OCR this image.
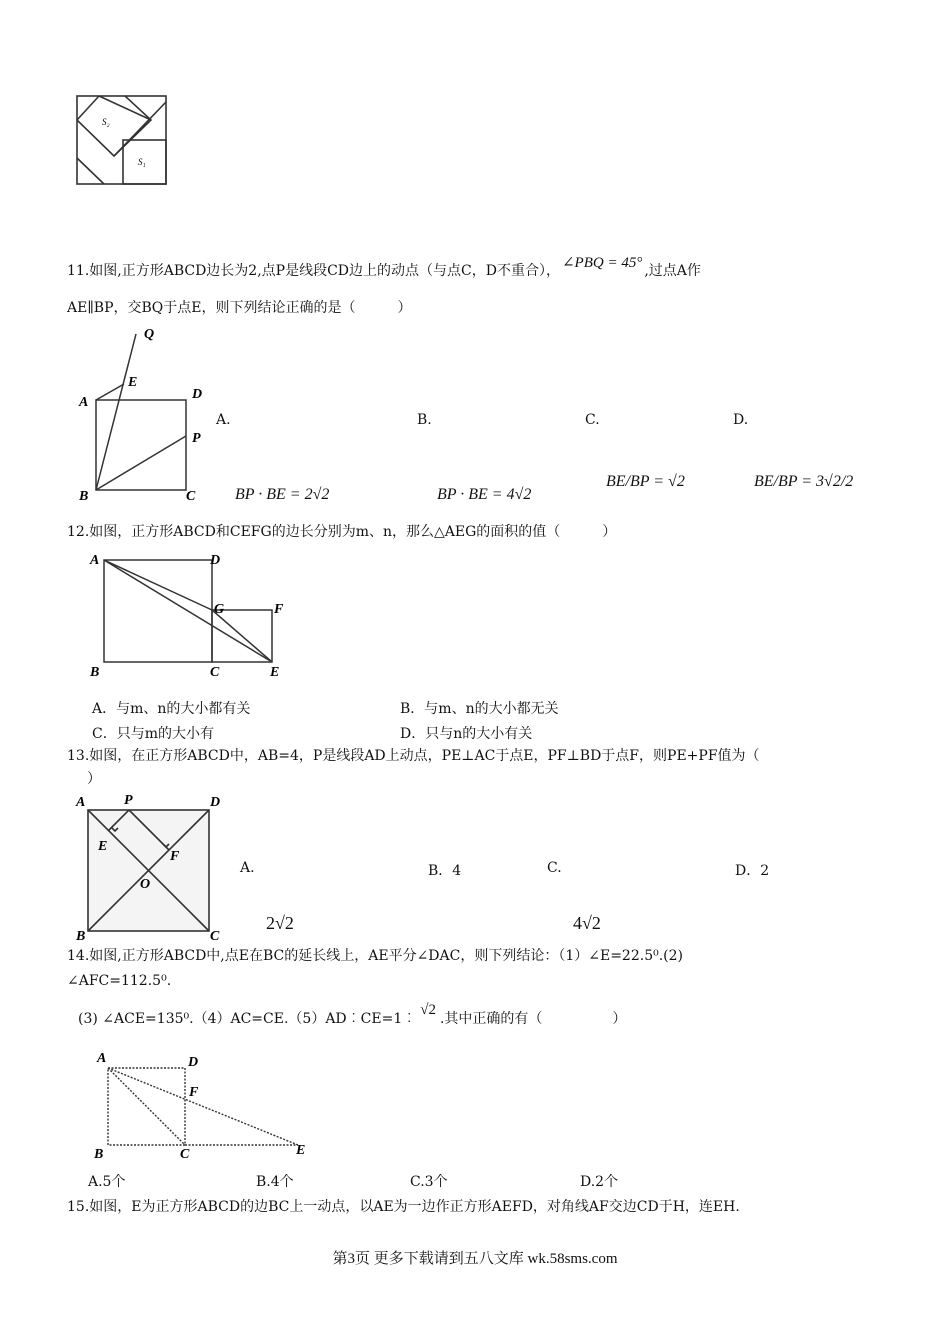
S₂
S₁
11.如图,正方形ABCD边长为2,点P是线段CD边上的动点（与点C，D不重合）， ∠PBQ = 45° ,过点A作
AE∥BP，交BQ于点E，则下列结论正确的是（　　　）
Q
E
A
D
P
B	C
A.	B.	C.	D.
BP · BE = 2√2	BP · BE = 4√2
BE/BP = √2	BE/BP = 3√2/2
12.如图，正方形ABCD和CEFG的边长分别为m、n，那么△AEG的面积的值（　　　）
A	D
G	F
B	C	E
A．与m、n的大小都有关	B．与m、n的大小都无关
C．只与m的大小有	D．只与n的大小有关
13.如图，在正方形ABCD中，AB=4，P是线段AD上动点，PE⊥AC于点E，PF⊥BD于点F，则PE+PF值为（
）
A	P	D
E
F
O
B	C
A.	B．4	C.	D．2
2√2	4√2
14.如图,正方形ABCD中,点E在BC的延长线上，AE平分∠DAC，则下列结论：（1）∠E=22.5⁰.(2)
∠AFC=112.5⁰.
(3) ∠ACE=135⁰.（4）AC=CE.（5）AD︰CE=1︰√2.其中正确的有（　　　　　）
A	D
F
B	C	E
A.5个	B.4个	C.3个	D.2个
15.如图，E为正方形ABCD的边BC上一动点，以AE为一边作正方形AEFD，对角线AF交边CD于H，连EH.
第3页 更多下载请到五八文库 wk.58sms.com
